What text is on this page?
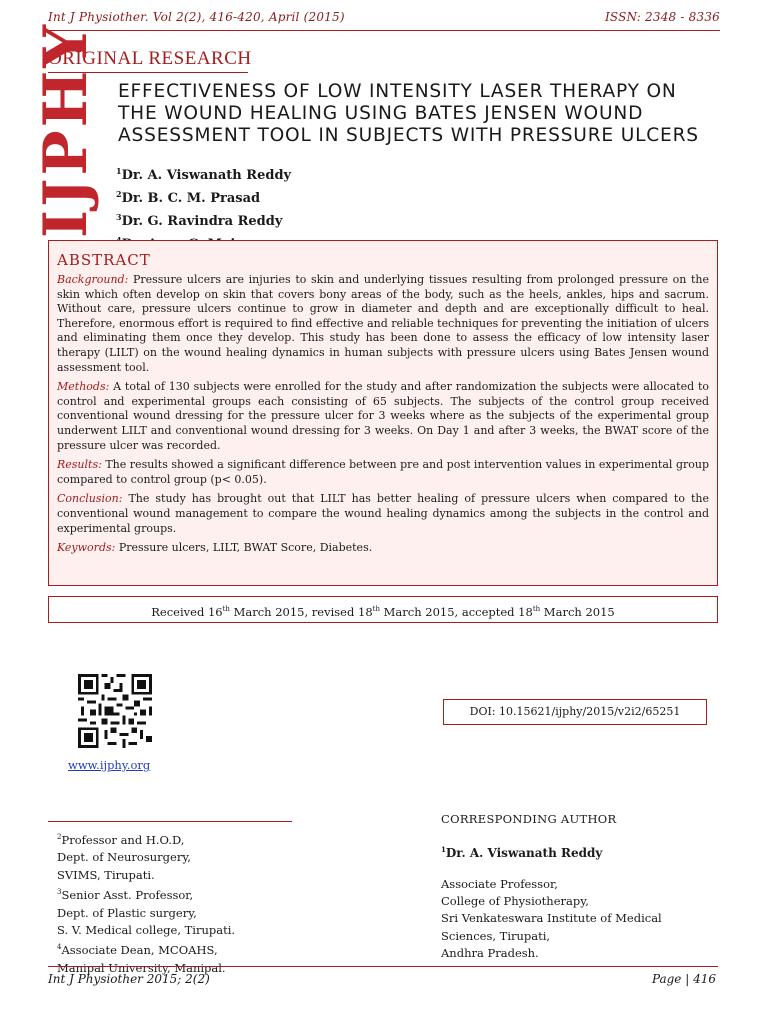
Int J Physiother. Vol 2(2), 416-420, April (2015)	ISSN: 2348 - 8336
ORIGINAL RESEARCH
IJPHY EFFECTIVENESS OF LOW INTENSITY LASER THERAPY ON
THE WOUND HEALING USING BATES JENSEN WOUND
ASSESSMENT TOOL IN SUBJECTS WITH PRESSURE ULCERS
$^1$Dr. A. Viswanath Reddy
$^2$Dr. B. C. M. Prasad
$^3$Dr. G. Ravindra Reddy
ABSTRACT

Background: Pressure ulcers are injuries to skin and underlying tissues resulting from prolonged pressure on the skin which often develop on skin that covers bony areas of the body, such as the heels, ankles, hips and sacrum. Without care, pressure ulcers continue to grow in diameter and depth and are exceptionally difficult to heal. Therefore, enormous effort is required to find effective and reliable techniques for preventing the initiation of ulcers and eliminating them once they develop. This study has been done to assess the efficacy of low intensity laser therapy (LILT) on the wound healing dynamics in human subjects with pressure ulcers using Bates Jensen wound assessment tool.

Methods: A total of 130 subjects were enrolled for the study and after randomization the subjects were allocated to control and experimental groups each consisting of 65 subjects. The subjects of the control group received conventional wound dressing for the pressure ulcer for 3 weeks where as the subjects of the experimental group underwent LILT and conventional wound dressing for 3 weeks. On Day 1 and after 3 weeks, the BWAT score of the pressure ulcer was recorded.

Results: The results showed a significant difference between pre and post intervention values in experimental group compared to control group (p< 0.05).

Conclusion: The study has brought out that LILT has better healing of pressure ulcers when compared to the conventional wound management to compare the wound healing dynamics among the subjects in the control and experimental groups.

Keywords: Pressure ulcers, LILT, BWAT Score, Diabetes.

Received 16th March 2015, revised 18th March 2015, accepted 18th March 2015
www.ijphy.org
DOI: 10.15621/ijphy/2015/v2i2/65251
$^2$Professor and H.O.D,
Dept. of Neurosurgery,
SVIMS, Tirupati.
$^3$Senior Asst. Professor,
Dept. of Plastic surgery,
S. V. Medical college, Tirupati.
$^4$Associate Dean, MCOAHS,
Manipal University, Manipal.
CORRESPONDING AUTHOR
$^1$Dr. A. Viswanath Reddy
Associate Professor,
College of Physiotherapy,
Sri Venkateswara Institute of Medical
Sciences, Tirupati,
Andhra Pradesh.
Int J Physiother 2015; 2(2)	Page | 416
